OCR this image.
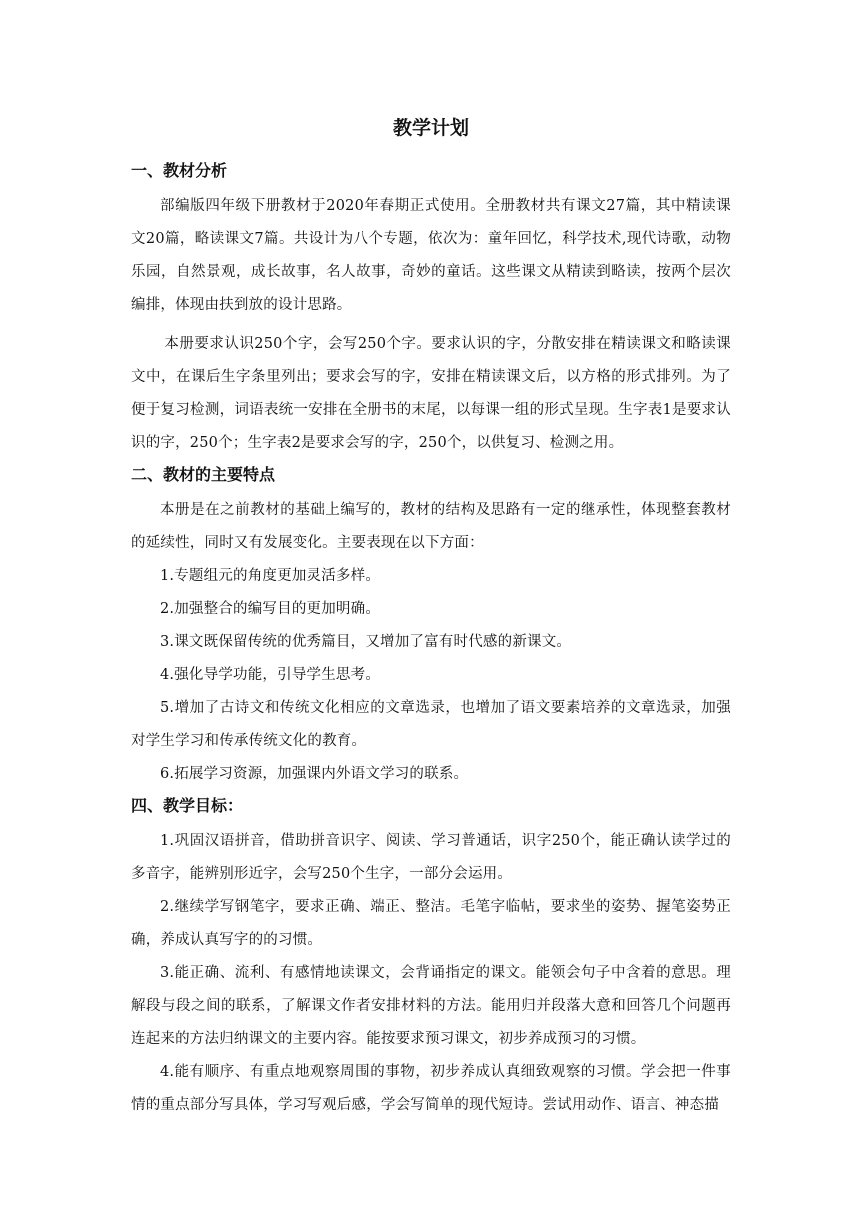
教学计划
一、教材分析

部编版四年级下册教材于2020年春期正式使用。全册教材共有课文27篇，其中精读课文20篇，略读课文7篇。共设计为八个专题，依次为：童年回忆，科学技术,现代诗歌，动物乐园，自然景观，成长故事，名人故事，奇妙的童话。这些课文从精读到略读，按两个层次编排，体现由扶到放的设计思路。

本册要求认识250个字，会写250个字。要求认识的字，分散安排在精读课文和略读课文中，在课后生字条里列出；要求会写的字，安排在精读课文后，以方格的形式排列。为了便于复习检测，词语表统一安排在全册书的末尾，以每课一组的形式呈现。生字表1是要求认识的字，250个；生字表2是要求会写的字，250个，以供复习、检测之用。

二、教材的主要特点

本册是在之前教材的基础上编写的，教材的结构及思路有一定的继承性，体现整套教材的延续性，同时又有发展变化。主要表现在以下方面：

1.专题组元的角度更加灵活多样。

2.加强整合的编写目的更加明确。

3.课文既保留传统的优秀篇目，又增加了富有时代感的新课文。

4.强化导学功能，引导学生思考。

5.增加了古诗文和传统文化相应的文章选录，也增加了语文要素培养的文章选录，加强对学生学习和传承传统文化的教育。

6.拓展学习资源，加强课内外语文学习的联系。

四、教学目标：

1.巩固汉语拼音，借助拼音识字、阅读、学习普通话，识字250个，能正确认读学过的多音字，能辨别形近字，会写250个生字，一部分会运用。

2.继续学写钢笔字，要求正确、端正、整洁。毛笔字临帖，要求坐的姿势、握笔姿势正确，养成认真写字的的习惯。

3.能正确、流利、有感情地读课文，会背诵指定的课文。能领会句子中含着的意思。理解段与段之间的联系，了解课文作者安排材料的方法。能用归并段落大意和回答几个问题再连起来的方法归纳课文的主要内容。能按要求预习课文，初步养成预习的习惯。

4.能有顺序、有重点地观察周围的事物，初步养成认真细致观察的习惯。学会把一件事情的重点部分写具体，学习写观后感，学会写简单的现代短诗。尝试用动作、语言、神态描
